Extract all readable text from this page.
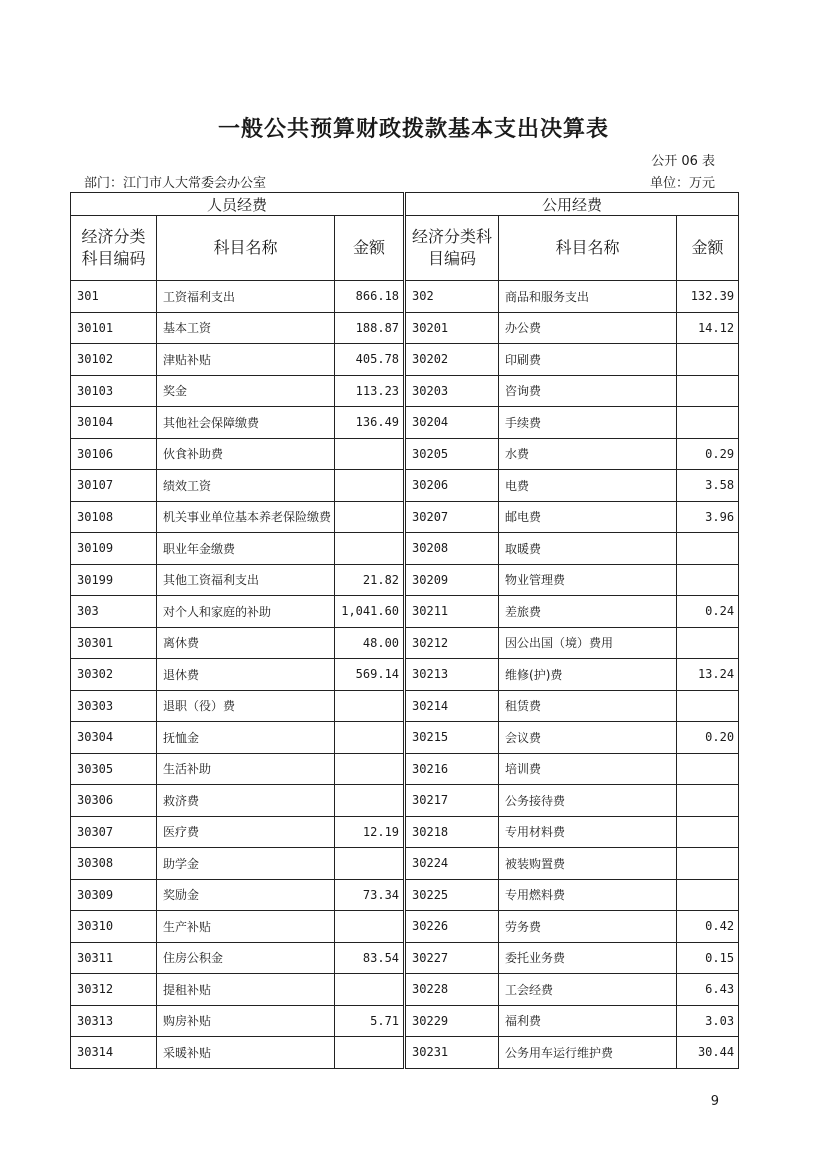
一般公共预算财政拨款基本支出决算表
公开 06 表
部门：江门市人大常委会办公室	单位：万元
人员经费			公用经费		
经济分类科目编码	科目名称	金额	经济分类科目编码	科目名称	金额
301	工资福利支出	866.18	302	商品和服务支出	132.39
30101	基本工资	188.87	30201	办公费	14.12
30102	津贴补贴	405.78	30202	印刷费	
30103	奖金	113.23	30203	咨询费	
30104	其他社会保障缴费	136.49	30204	手续费	
30106	伙食补助费		30205	水费	0.29
30107	绩效工资		30206	电费	3.58
30108	机关事业单位基本养老保险缴费		30207	邮电费	3.96
30109	职业年金缴费		30208	取暖费	
30199	其他工资福利支出	21.82	30209	物业管理费	
303	对个人和家庭的补助	1,041.60	30211	差旅费	0.24
30301	离休费	48.00	30212	因公出国（境）费用	
30302	退休费	569.14	30213	维修(护)费	13.24
30303	退职（役）费		30214	租赁费	
30304	抚恤金		30215	会议费	0.20
30305	生活补助		30216	培训费	
30306	救济费		30217	公务接待费	
30307	医疗费	12.19	30218	专用材料费	
30308	助学金		30224	被装购置费	
30309	奖励金	73.34	30225	专用燃料费	
30310	生产补贴		30226	劳务费	0.42
30311	住房公积金	83.54	30227	委托业务费	0.15
30312	提租补贴		30228	工会经费	6.43
30313	购房补贴	5.71	30229	福利费	3.03
30314	采暖补贴		30231	公务用车运行维护费	30.44
9
